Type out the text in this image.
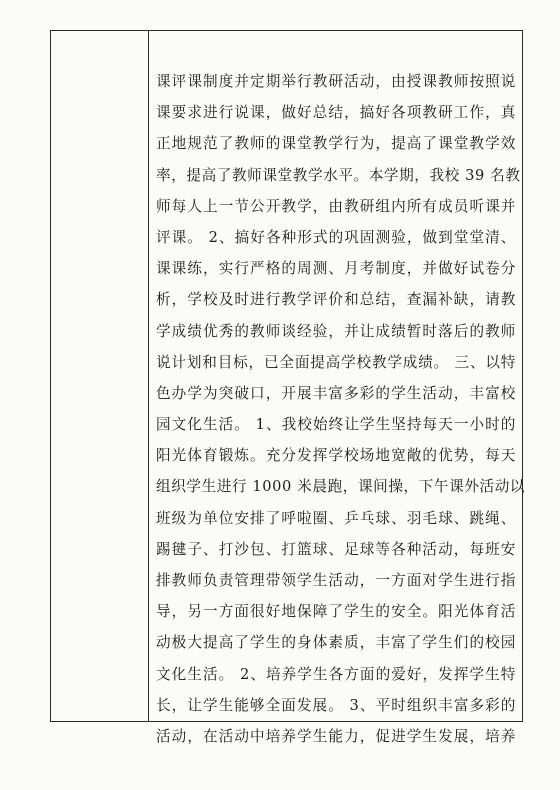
课评课制度并定期举行教研活动，由授课教师按照说
课要求进行说课，做好总结，搞好各项教研工作，真
正地规范了教师的课堂教学行为，提高了课堂教学效
率，提高了教师课堂教学水平。本学期，我校 39 名教
师每人上一节公开教学，由教研组内所有成员听课并
评课。 2、搞好各种形式的巩固测验，做到堂堂清、
课课练，实行严格的周测、月考制度，并做好试卷分
析，学校及时进行教学评价和总结，查漏补缺，请教
学成绩优秀的教师谈经验，并让成绩暂时落后的教师
说计划和目标，已全面提高学校教学成绩。 三、以特
色办学为突破口，开展丰富多彩的学生活动，丰富校
园文化生活。 1、我校始终让学生坚持每天一小时的
阳光体育锻炼。充分发挥学校场地宽敞的优势，每天
组织学生进行 1000 米晨跑，课间操，下午课外活动以
班级为单位安排了呼啦圈、乒乓球、羽毛球、跳绳、
踢毽子、打沙包、打篮球、足球等各种活动，每班安
排教师负责管理带领学生活动，一方面对学生进行指
导，另一方面很好地保障了学生的安全。阳光体育活
动极大提高了学生的身体素质，丰富了学生们的校园
文化生活。 2、培养学生各方面的爱好，发挥学生特
长，让学生能够全面发展。 3、平时组织丰富多彩的
活动，在活动中培养学生能力，促进学生发展，培养
